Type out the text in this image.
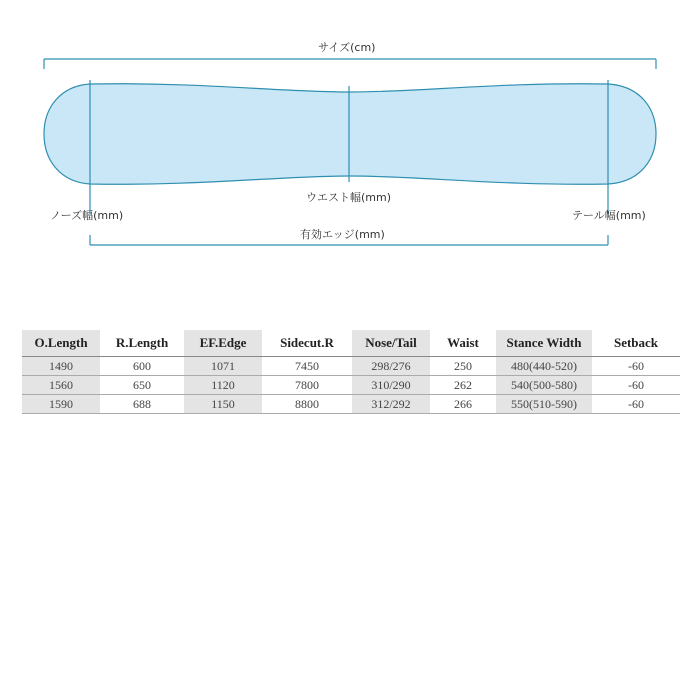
サイズ(cm)
ウエスト幅(mm)
ノーズ幅(mm)	テール幅(mm)
有効エッジ(mm)
O.Length	R.Length	EF.Edge	Sidecut.R	Nose/Tail	Waist	Stance Width	Setback
1490	600	1071	7450	298/276	250	480(440-520)	-60
1560	650	1120	7800	310/290	262	540(500-580)	-60
1590	688	1150	8800	312/292	266	550(510-590)	-60
